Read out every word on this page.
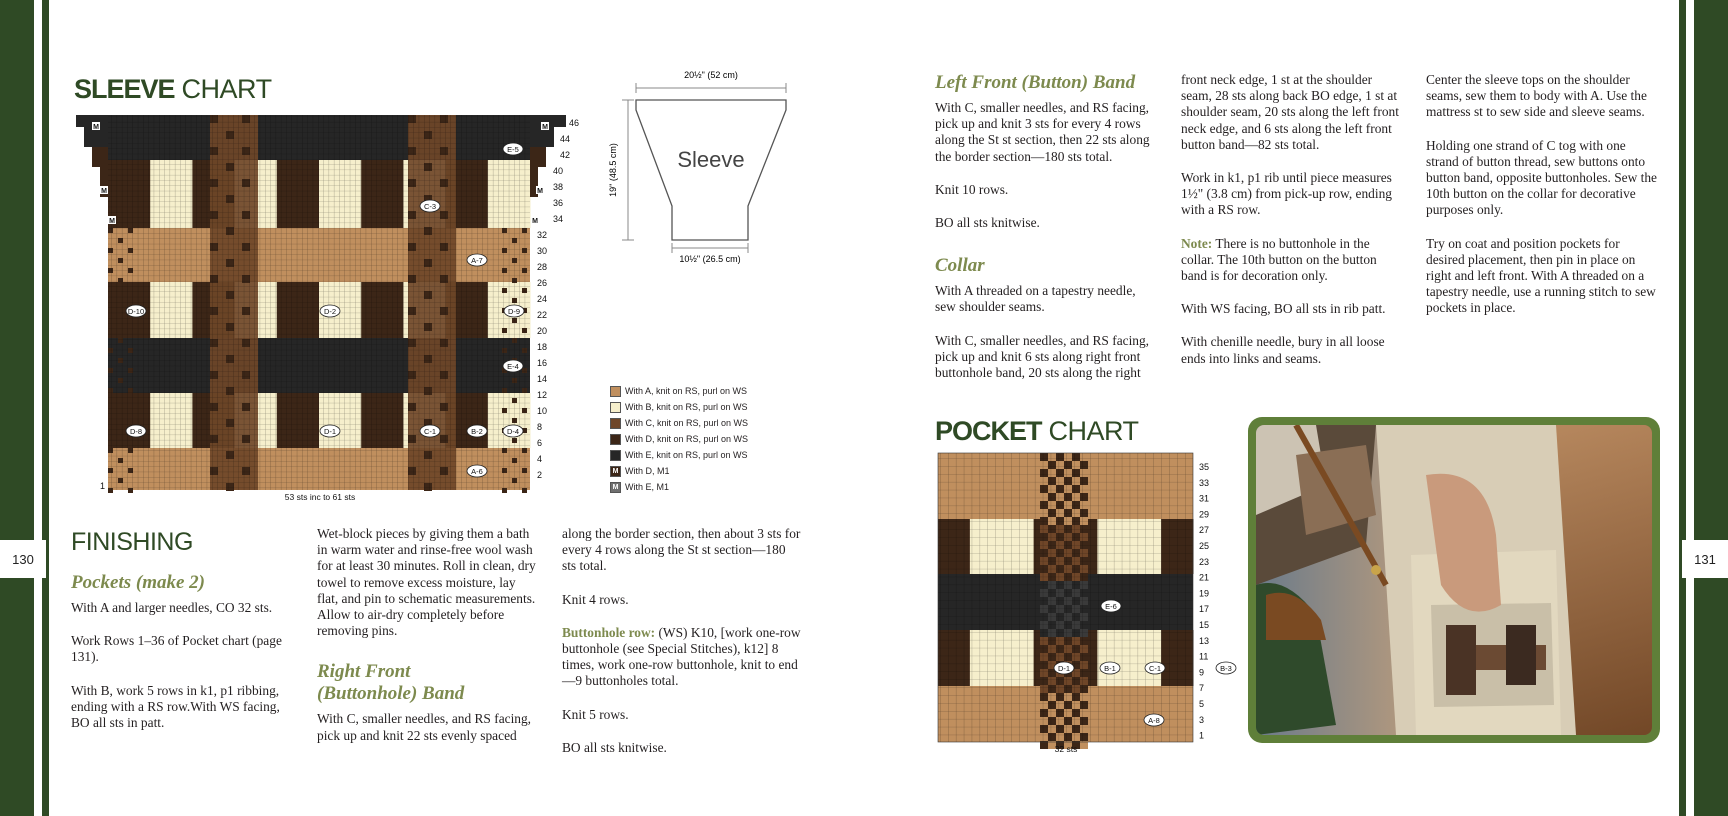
130	131
SLEEVE CHART
M
M
M
M
M
M
46
44
42
40
38
36
34
32
30
28
26
24
22
20
18
16
14
12
10
8
6
4
2
1
E-5
C-3
A-7
D-10	D-2	D-9
E-4
D-8	D-1	C-1	B-2	D-4
A-6
53 sts inc to 61 sts
20½" (52 cm)
19" (48.5 cm)	Sleeve
10½" (26.5 cm)
With A, knit on RS, purl on WS
With B, knit on RS, purl on WS
With C, knit on RS, purl on WS
With D, knit on RS, purl on WS
With E, knit on RS, purl on WS
M With D, M1
M With E, M1
FINISHING
Pockets (make 2)

With A and larger needles, CO 32 sts.

Work Rows 1–36 of Pocket chart (page 131).

With B, work 5 rows in k1, p1 ribbing, ending with a RS row.With WS facing, BO all sts in patt.

Wet-block pieces by giving them a bath in warm water and rinse-free wool wash for at least 30 minutes. Roll in clean, dry towel to remove excess moisture, lay flat, and pin to schematic measurements. Allow to air-dry completely before removing pins.

Right Front (Buttonhole) Band

With C, smaller needles, and RS facing, pick up and knit 22 sts evenly spaced

along the border section, then about 3 sts for every 4 rows along the St st section—180 sts total.

Knit 4 rows.

Buttonhole row: (WS) K10, [work one-row buttonhole (see Special Stitches), k12] 8 times, work one-row buttonhole, knit to end—9 buttonholes total.

Knit 5 rows.

BO all sts knitwise.

Left Front (Button) Band

With C, smaller needles, and RS facing, pick up and knit 3 sts for every 4 rows along the St st section, then 22 sts along the border section—180 sts total.

Knit 10 rows.

BO all sts knitwise.

Collar

With A threaded on a tapestry needle, sew shoulder seams.

With C, smaller needles, and RS facing, pick up and knit 6 sts along right front buttonhole band, 20 sts along the right

front neck edge, 1 st at the shoulder seam, 28 sts along back BO edge, 1 st at shoulder seam, 20 sts along the left front neck edge, and 6 sts along the left front button band—82 sts total.

Work in k1, p1 rib until piece measures 1½" (3.8 cm) from pick-up row, ending with a RS row.

Note: There is no buttonhole in the collar. The 10th button on the button band is for decoration only.

With WS facing, BO all sts in rib patt.

With chenille needle, bury in all loose ends into links and seams.

Center the sleeve tops on the shoulder seams, sew them to body with A. Use the mattress st to sew side and sleeve seams.

Holding one strand of C tog with one strand of button thread, sew buttons onto button band, opposite buttonholes. Sew the 10th button on the collar for decorative purposes only.

Try on coat and position pockets for desired placement, then pin in place on right and left front. With A threaded on a tapestry needle, use a running stitch to sew pockets in place.

POCKET CHART
35
33
31
29
27
25
23
21
19
17
15
13
11
9
7
5
3
1
E-6
D-1	B-1	C-1	B-3
A-8
32 sts
